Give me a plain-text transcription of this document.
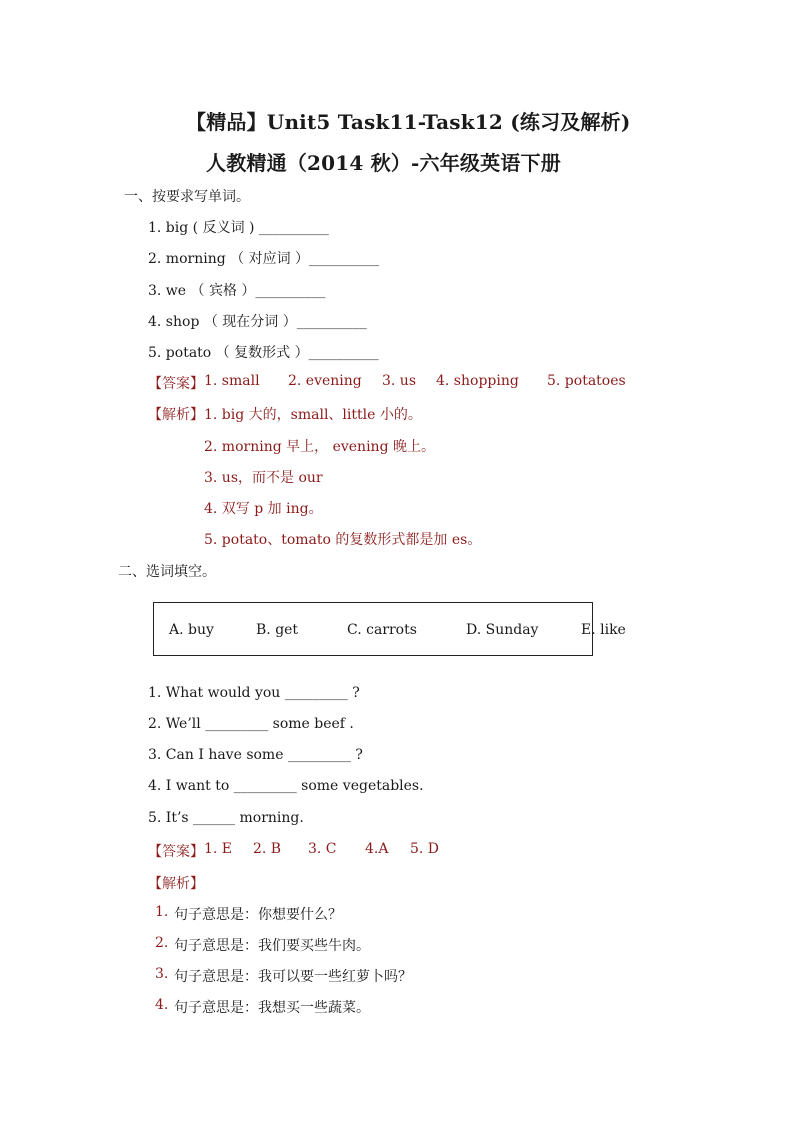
【精品】Unit5 Task11-Task12 (练习及解析)
人教精通（2014 秋）-六年级英语下册
一、按要求写单词。
1. big ( 反义词 ) __________
2. morning （ 对应词 ）__________
3. we （ 宾格 ）__________
4. shop （ 现在分词 ）__________
5. potato （ 复数形式 ）__________
【答案】 1. small 2. evening 3. us 4. shopping 5. potatoes
【解析】 1. big 大的，small、little 小的。
2. morning 早上， evening 晚上。
3. us，而不是 our
4. 双写 p 加 ing。
5. potato、tomato 的复数形式都是加 es。
二、选词填空。
A. buy	B. get	C. carrots	D. Sunday	E. like
1. What would you _________ ?
2. We’ll _________ some beef .
3. Can I have some _________ ?
4. I want to _________ some vegetables.
5. It’s ______ morning.
【答案】 1. E 2. B 3. C 4.A 5. D
【解析】
1. 句子意思是：你想要什么？
2. 句子意思是：我们要买些牛肉。
3. 句子意思是：我可以要一些红萝卜吗？
4. 句子意思是：我想买一些蔬菜。
